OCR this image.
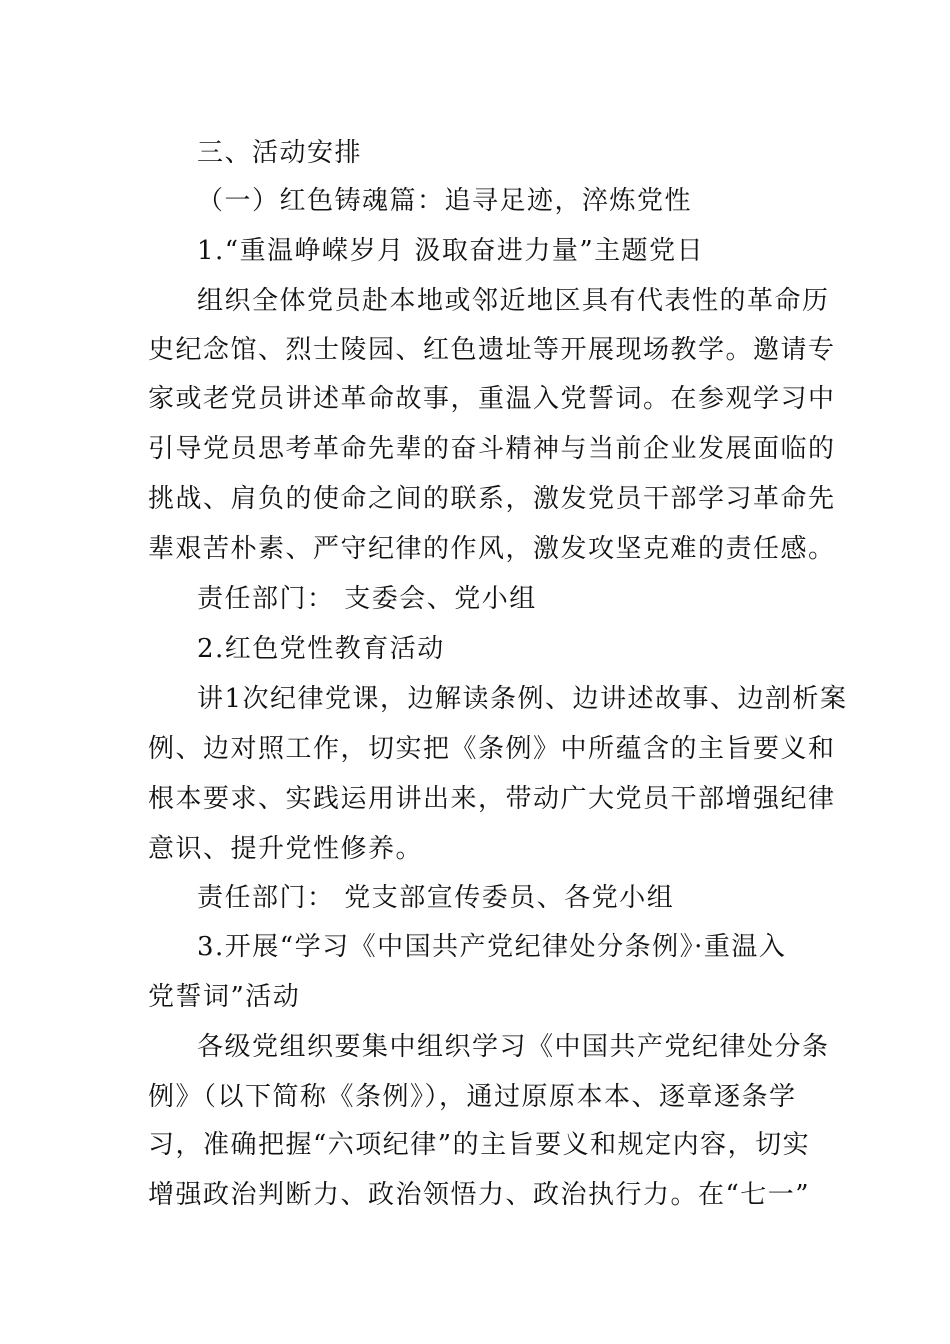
三、活动安排
（一）红色铸魂篇：追寻足迹，淬炼党性
1.“重温峥嵘岁月 汲取奋进力量”主题党日
组织全体党员赴本地或邻近地区具有代表性的革命历
史纪念馆、烈士陵园、红色遗址等开展现场教学。邀请专
家或老党员讲述革命故事，重温入党誓词。在参观学习中
引导党员思考革命先辈的奋斗精神与当前企业发展面临的
挑战、肩负的使命之间的联系，激发党员干部学习革命先
辈艰苦朴素、严守纪律的作风，激发攻坚克难的责任感。
责任部门： 支委会、党小组
2.红色党性教育活动
讲1次纪律党课，边解读条例、边讲述故事、边剖析案
例、边对照工作，切实把《条例》中所蕴含的主旨要义和
根本要求、实践运用讲出来，带动广大党员干部增强纪律
意识、提升党性修养。
责任部门： 党支部宣传委员、各党小组
3.开展“学习《中国共产党纪律处分条例》·重温入
党誓词”活动
各级党组织要集中组织学习《中国共产党纪律处分条
例》（以下简称《条例》），通过原原本本、逐章逐条学
习，准确把握“六项纪律”的主旨要义和规定内容，切实
增强政治判断力、政治领悟力、政治执行力。在“七一”
